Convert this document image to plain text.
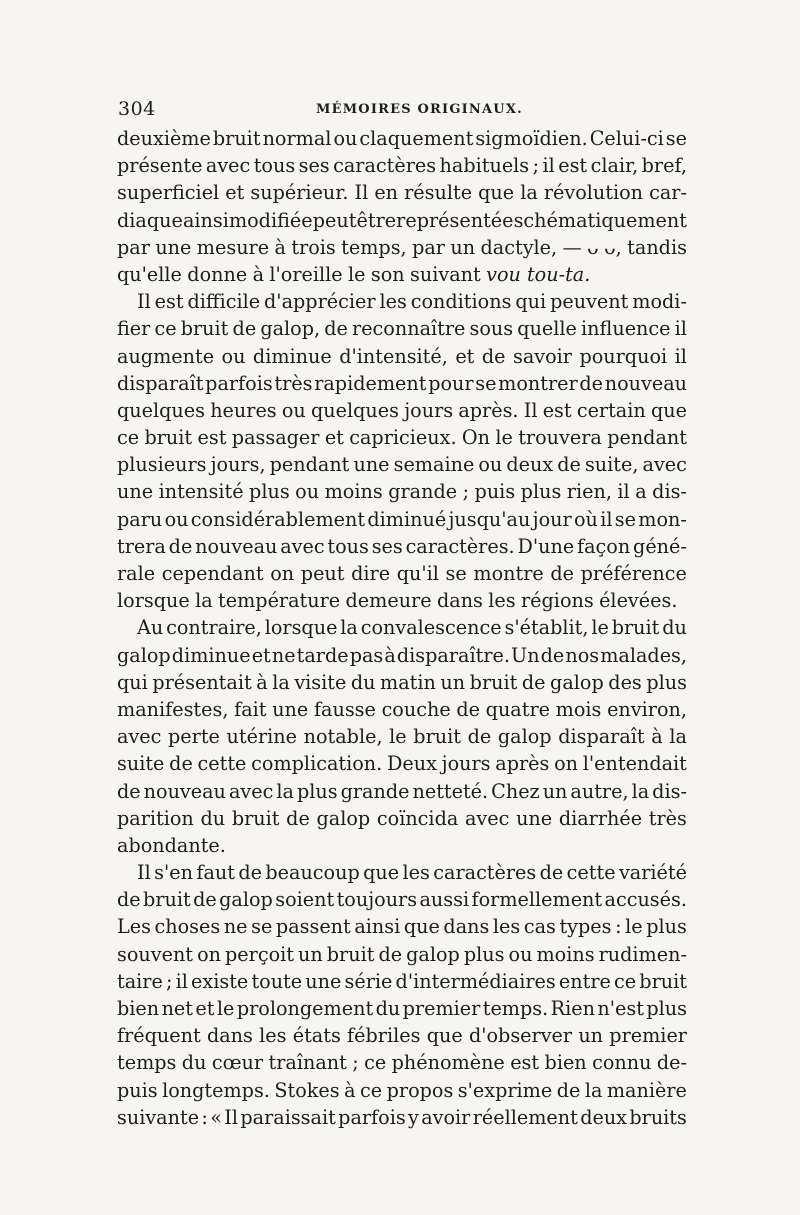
304	MÉMOIRES ORIGINAUX.
deuxième bruit normal ou claquement sigmoïdien. Celui-ci se
présente avec tous ses caractères habituels ; il est clair, bref,
superficiel et supérieur. Il en résulte que la révolution car-
diaque ainsi modifiée peut être représentée schématiquement
par une mesure à trois temps, par un dactyle, — ᴗ ᴗ, tandis
qu'elle donne à l'oreille le son suivant vou tou-ta.
Il est difficile d'apprécier les conditions qui peuvent modi-
fier ce bruit de galop, de reconnaître sous quelle influence il
augmente ou diminue d'intensité, et de savoir pourquoi il
disparaît parfois très rapidement pour se montrer de nouveau
quelques heures ou quelques jours après. Il est certain que
ce bruit est passager et capricieux. On le trouvera pendant
plusieurs jours, pendant une semaine ou deux de suite, avec
une intensité plus ou moins grande ; puis plus rien, il a dis-
paru ou considérablement diminué jusqu'au jour où il se mon-
trera de nouveau avec tous ses caractères. D'une façon géné-
rale cependant on peut dire qu'il se montre de préférence
lorsque la température demeure dans les régions élevées.
Au contraire, lorsque la convalescence s'établit, le bruit du
galop diminue et ne tarde pas à disparaître. Un de nos malades,
qui présentait à la visite du matin un bruit de galop des plus
manifestes, fait une fausse couche de quatre mois environ,
avec perte utérine notable, le bruit de galop disparaît à la
suite de cette complication. Deux jours après on l'entendait
de nouveau avec la plus grande netteté. Chez un autre, la dis-
parition du bruit de galop coïncida avec une diarrhée très
abondante.
Il s'en faut de beaucoup que les caractères de cette variété
de bruit de galop soient toujours aussi formellement accusés.
Les choses ne se passent ainsi que dans les cas types : le plus
souvent on perçoit un bruit de galop plus ou moins rudimen-
taire ; il existe toute une série d'intermédiaires entre ce bruit
bien net et le prolongement du premier temps. Rien n'est plus
fréquent dans les états fébriles que d'observer un premier
temps du cœur traînant ; ce phénomène est bien connu de-
puis longtemps. Stokes à ce propos s'exprime de la manière
suivante : « Il paraissait parfois y avoir réellement deux bruits
